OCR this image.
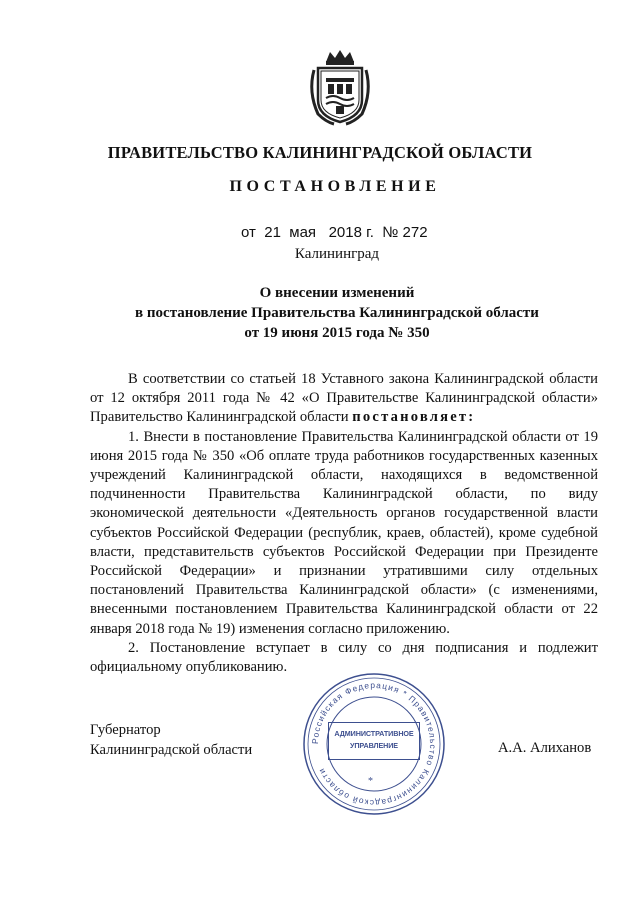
ПРАВИТЕЛЬСТВО КАЛИНИНГРАДСКОЙ ОБЛАСТИ
ПОСТАНОВЛЕНИЕ
от 21 мая 2018 г. № 272
Калининград
О внесении изменений
в постановление Правительства Калининградской области
от 19 июня 2015 года № 350

В соответствии со статьей 18 Уставного закона Калининградской области от 12 октября 2011 года № 42 «О Правительстве Калининградской области» Правительство Калининградской области постановляет:

1. Внести в постановление Правительства Калининградской области от 19 июня 2015 года № 350 «Об оплате труда работников государственных казенных учреждений Калининградской области, находящихся в ведомственной подчиненности Правительства Калининградской области, по виду экономической деятельности «Деятельность органов государственной власти субъектов Российской Федерации (республик, краев, областей), кроме судебной власти, представительств субъектов Российской Федерации при Президенте Российской Федерации» и признании утратившими силу отдельных постановлений Правительства Калининградской области» (с изменениями, внесенными постановлением Правительства Калининградской области от 22 января 2018 года № 19) изменения согласно приложению.

2. Постановление вступает в силу со дня подписания и подлежит официальному опубликованию.

Губернатор
Калининградской области
Российская Федерация * Правительство Калининградской области
АДМИНИСТРАТИВНОЕ
УПРАВЛЕНИЕ
*
А.А. Алиханов
